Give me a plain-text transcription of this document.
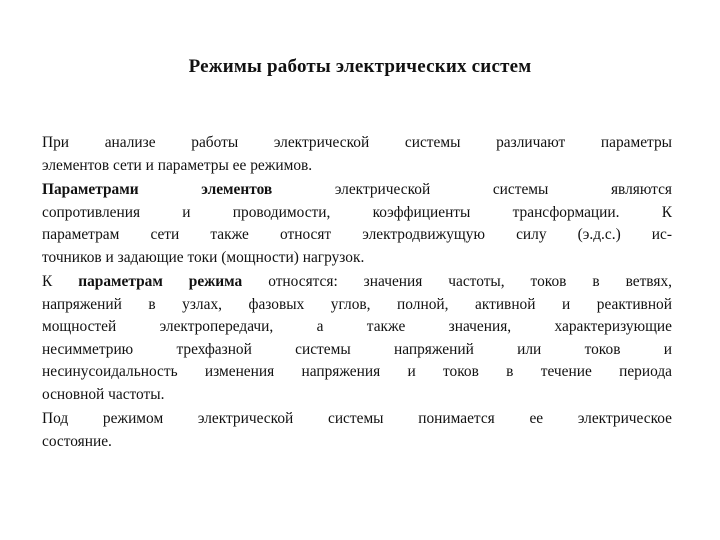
Режимы работы электрических систем

При анализе работы электрической системы различают параметры
элементов сети и параметры ее режимов.

Параметрами элементов электрической системы являются
сопротивления и проводимости, коэффициенты трансформации. К
параметрам сети также относят электродвижущую силу (э.д.с.) ис-
точников и задающие токи (мощности) нагрузок.

К параметрам режима относятся: значения частоты, токов в ветвях,
напряжений в узлах, фазовых углов, полной, активной и реактивной
мощностей электропередачи, а также значения, характеризующие
несимметрию трехфазной системы напряжений или токов и
несинусоидальность изменения напряжения и токов в течение периода
основной частоты.

Под режимом электрической системы понимается ее электрическое
состояние.
